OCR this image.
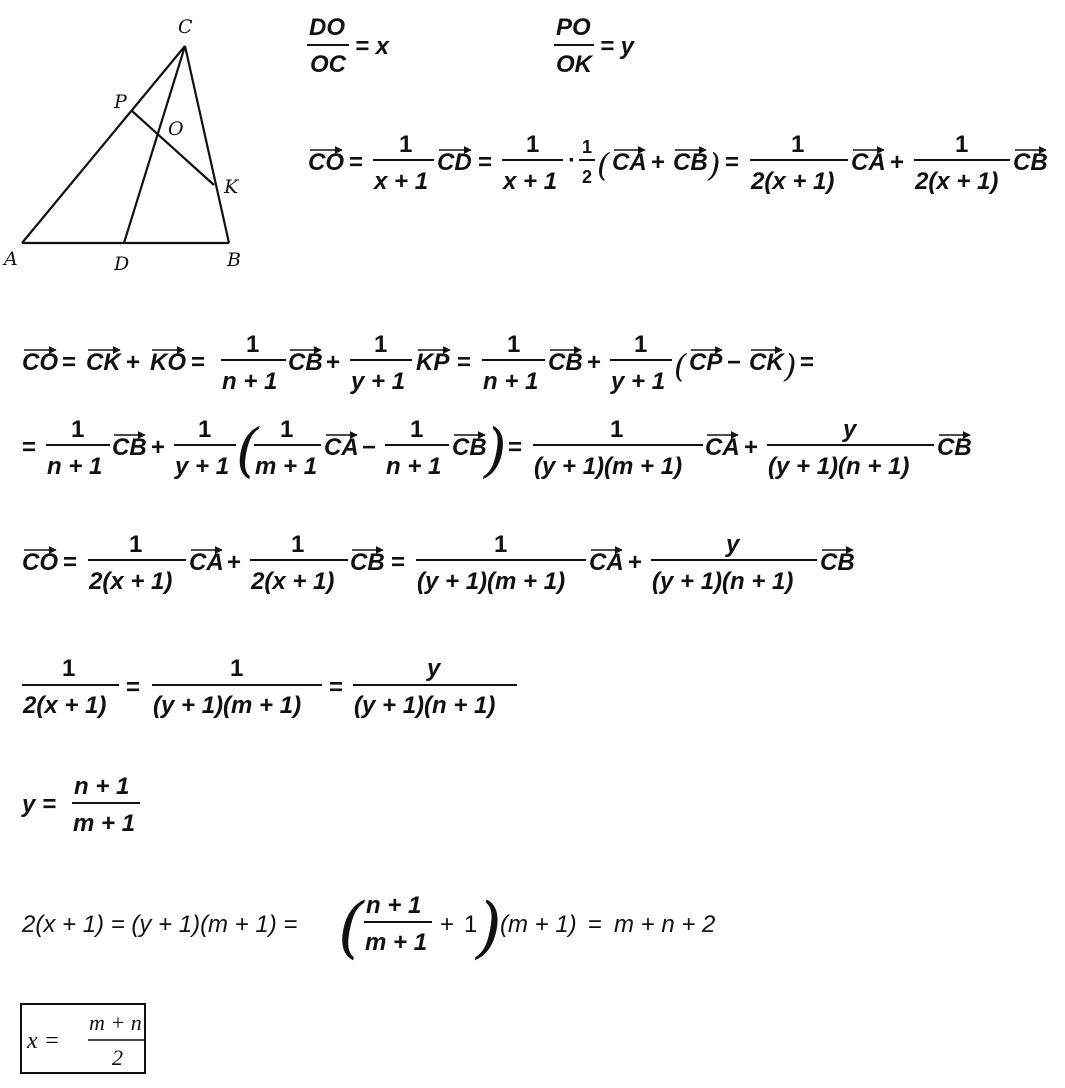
C
A	D	B
P
O
K
DO
OC
= x
PO
OK
= y
CO =
1
x + 1
CD =
1
x + 1
· 1
2 ( CA + CB ) =
1
2(x + 1)
CA +
1
2(x + 1)
CB
CO = CK + KO =
1
n + 1
CB +
1
y + 1
KP =
1
n + 1
CB +
1
y + 1 ( CP − CK ) =
=
1
n + 1
CB +
1
y + 1 ( 1
m + 1
CA −
1
n + 1
CB
) =
1
(y + 1)(m + 1)
CA +
y
(y + 1)(n + 1)
CB
CO =
1
2(x + 1)
CA +
1
2(x + 1)
CB =
1
(y + 1)(m + 1)
CA +
y
(y + 1)(n + 1)
CB
1
2(x + 1)
=
1
(y + 1)(m + 1)
=
y
(y + 1)(n + 1)
y =
n + 1
m + 1
2(x + 1) = (y + 1)(m + 1) = ( n + 1
m + 1
+ 1
)
(m + 1) = m + n + 2
x =
m + n
2
